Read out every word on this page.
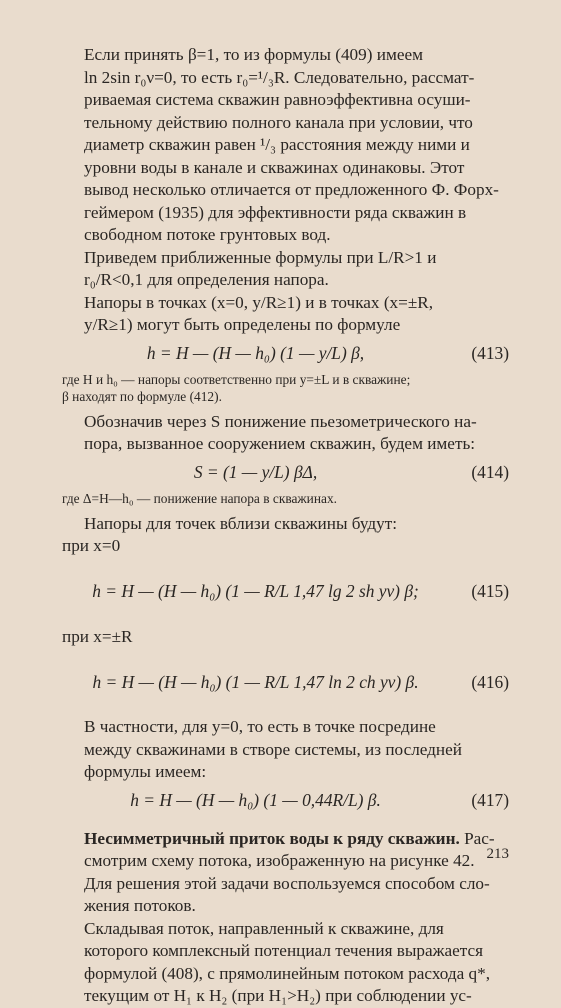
Если принять β=1, то из формулы (409) имеем
ln 2sin r₀ν=0, то есть r₀=¹/₃R. Следовательно, рассмат-
риваемая система скважин равноэффективна осуши-
тельному действию полного канала при условии, что
диаметр скважин равен ¹/₃ расстояния между ними и
уровни воды в канале и скважинах одинаковы. Этот
вывод несколько отличается от предложенного Ф. Форх-
геймером (1935) для эффективности ряда скважин в
свободном потоке грунтовых вод.

Приведем приближенные формулы при L/R>1 и
r₀/R<0,1 для определения напора.

Напоры в точках (x=0, y/R≥1) и в точках (x=±R,
y/R≥1) могут быть определены по формуле

h = H — (H — h₀) (1 — y/L) β,	(413)

где H и h₀ — напоры соответственно при y=±L и в скважине;
β находят по формуле (412).

Обозначив через S понижение пьезометрического на-
пора, вызванное сооружением скважин, будем иметь:

S = (1 — y/L) βΔ,	(414)

где Δ=H—h₀ — понижение напора в скважинах.

Напоры для точек вблизи скважины будут:

при x=0

h = H — (H — h₀) (1 — R/L 1,47 lg 2 sh yν) β;	(415)

при x=±R

h = H — (H — h₀) (1 — R/L 1,47 ln 2 ch yν) β.	(416)

В частности, для y=0, то есть в точке посредине
между скважинами в створе системы, из последней
формулы имеем:

h = H — (H — h₀) (1 — 0,44R/L) β.	(417)

Несимметричный приток воды к ряду скважин. Рас-
смотрим схему потока, изображенную на рисунке 42.
Для решения этой задачи воспользуемся способом сло-
жения потоков.

Складывая поток, направленный к скважине, для
которого комплексный потенциал течения выражается
формулой (408), с прямолинейным потоком расхода q*,
текущим от H₁ к H₂ (при H₁>H₂) при соблюдении ус-

213
